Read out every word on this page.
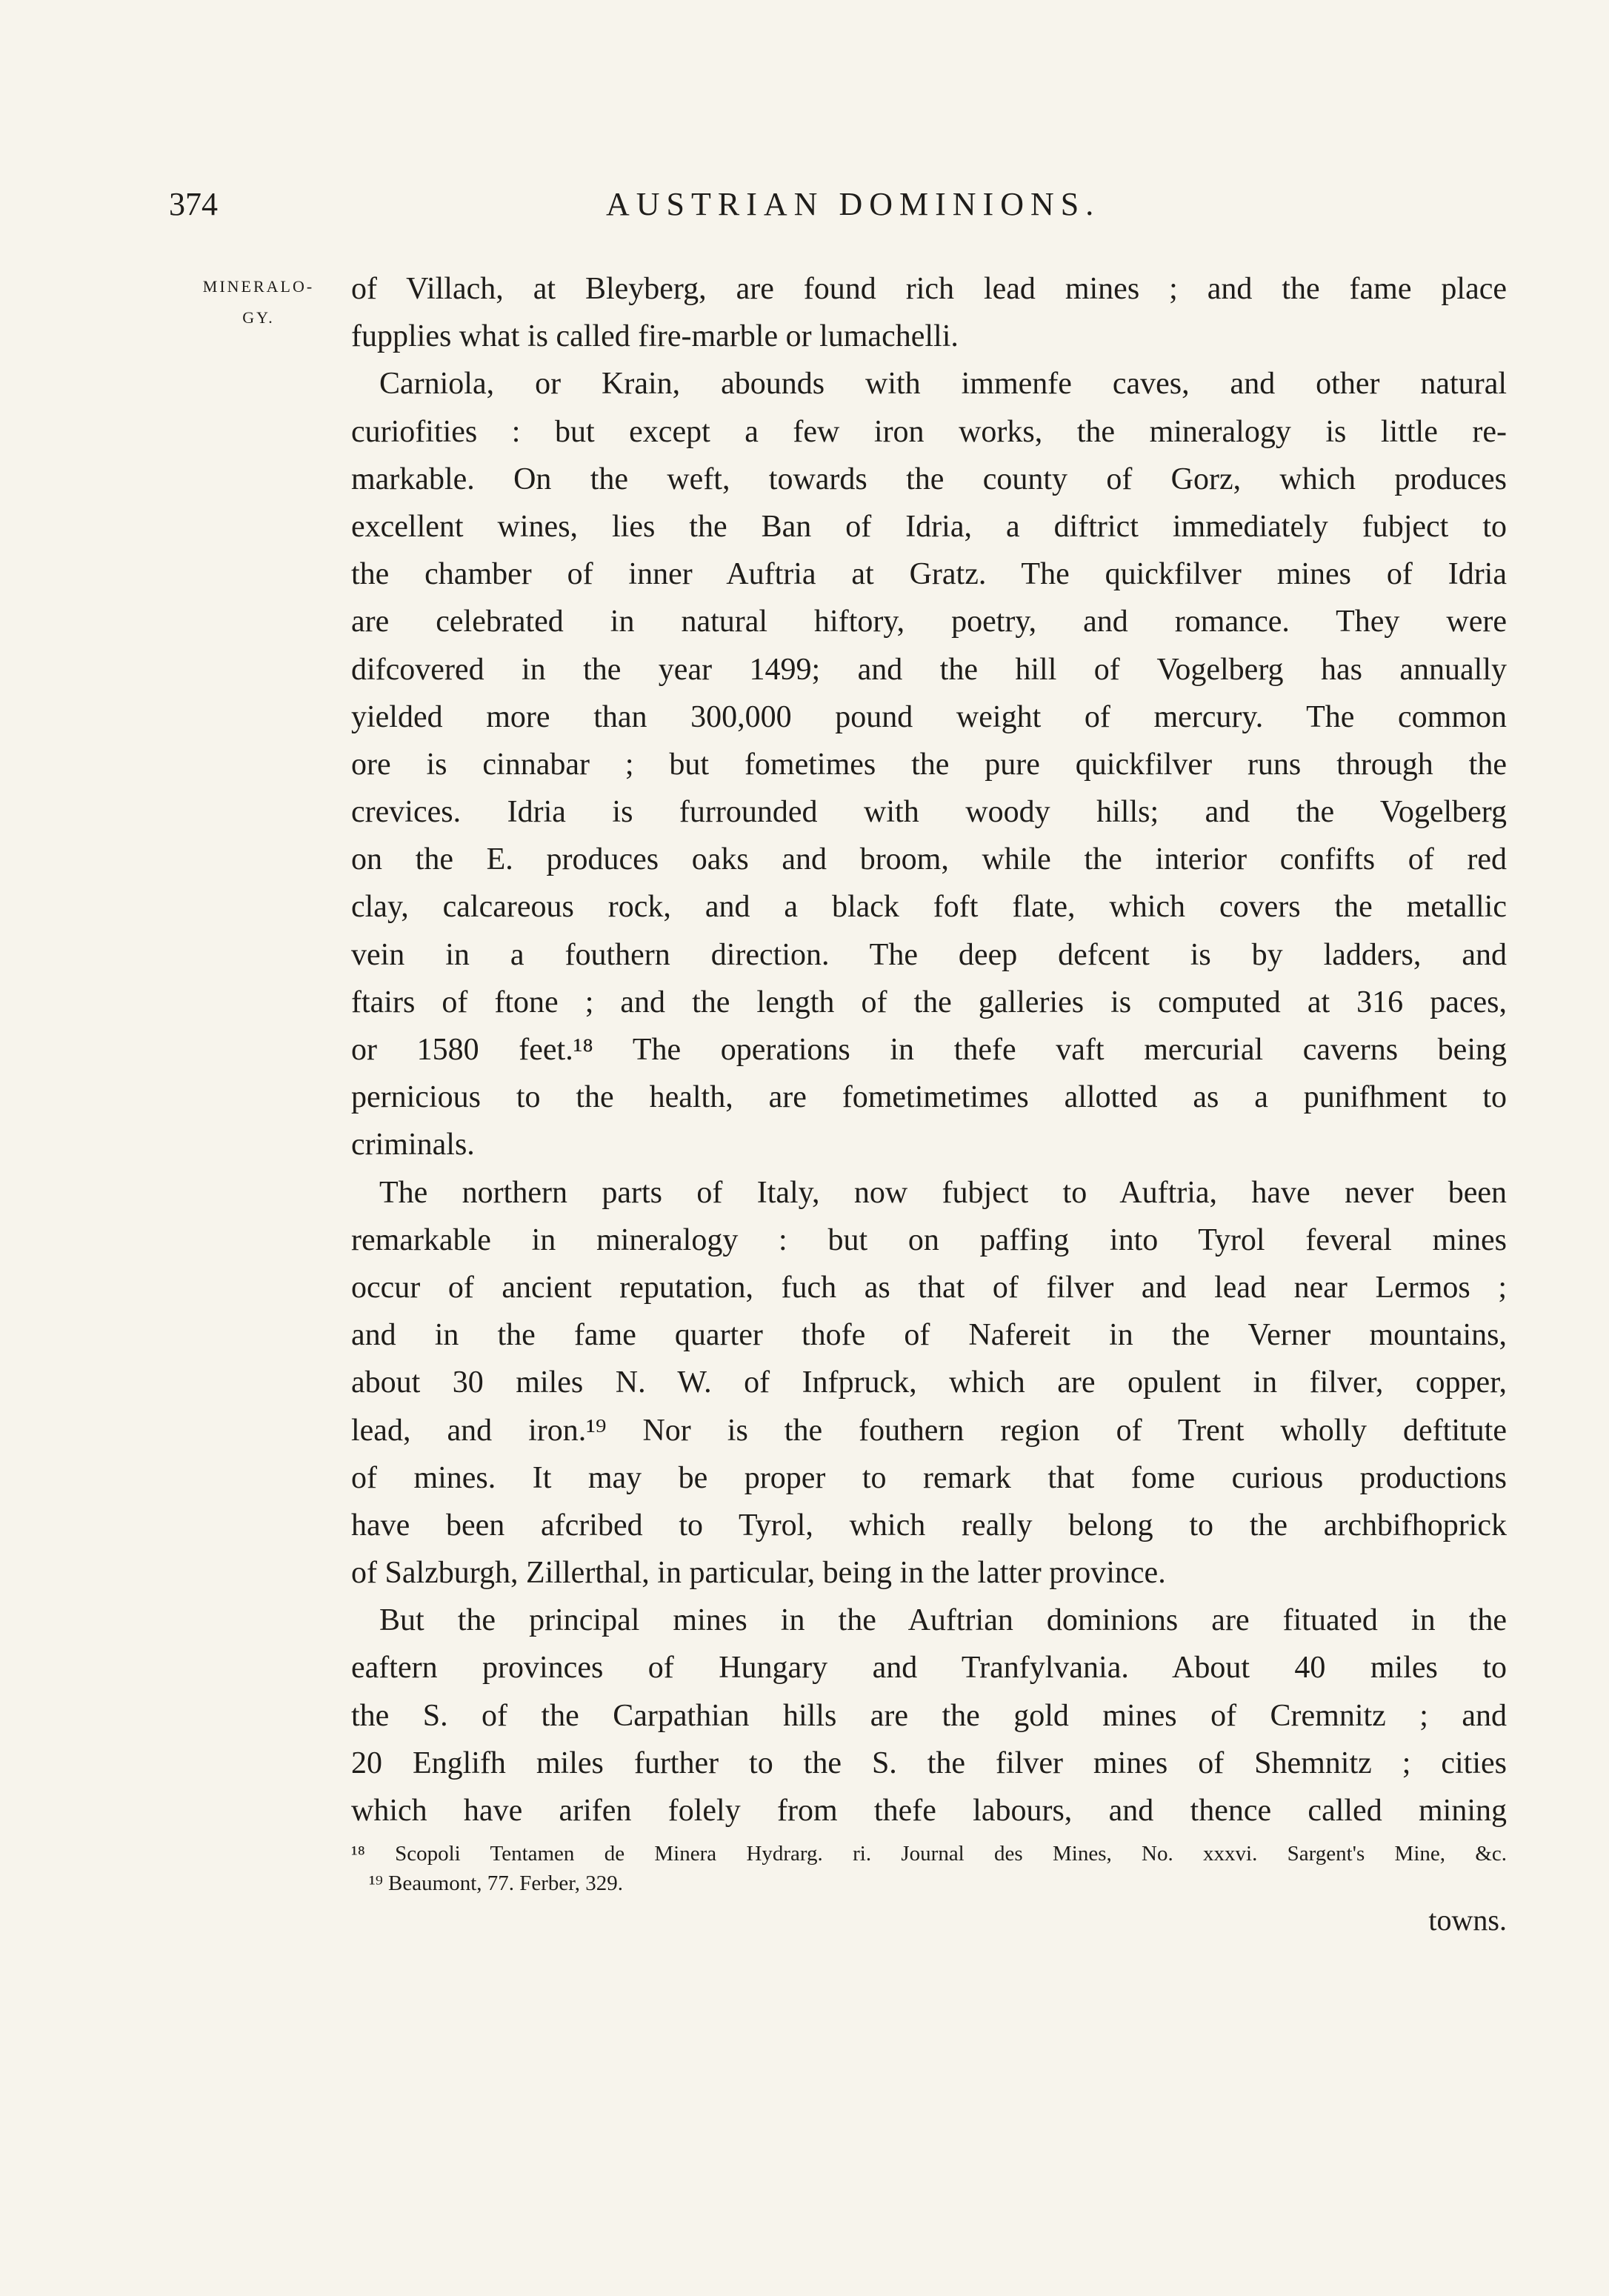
374	AUSTRIAN DOMINIONS.
MINERALO-
GY.
of Villach, at Bleyberg, are found rich lead mines ; and the fame place
fupplies what is called fire-marble or lumachelli.
Carniola, or Krain, abounds with immenfe caves, and other natural
curiofities : but except a few iron works, the mineralogy is little re-
markable. On the weft, towards the county of Gorz, which produces
excellent wines, lies the Ban of Idria, a diftrict immediately fubject to
the chamber of inner Auftria at Gratz. The quickfilver mines of Idria
are celebrated in natural hiftory, poetry, and romance. They were
difcovered in the year 1499; and the hill of Vogelberg has annually
yielded more than 300,000 pound weight of mercury. The common
ore is cinnabar ; but fometimes the pure quickfilver runs through the
crevices. Idria is furrounded with woody hills; and the Vogelberg
on the E. produces oaks and broom, while the interior confifts of red
clay, calcareous rock, and a black foft flate, which covers the metallic
vein in a fouthern direction. The deep defcent is by ladders, and
ftairs of ftone ; and the length of the galleries is computed at 316 paces,
or 1580 feet.¹⁸ The operations in thefe vaft mercurial caverns being
pernicious to the health, are fometimetimes allotted as a punifhment to
criminals.
The northern parts of Italy, now fubject to Auftria, have never been
remarkable in mineralogy : but on paffing into Tyrol feveral mines
occur of ancient reputation, fuch as that of filver and lead near Lermos ;
and in the fame quarter thofe of Nafereit in the Verner mountains,
about 30 miles N. W. of Infpruck, which are opulent in filver, copper,
lead, and iron.¹⁹ Nor is the fouthern region of Trent wholly deftitute
of mines. It may be proper to remark that fome curious productions
have been afcribed to Tyrol, which really belong to the archbifhoprick
of Salzburgh, Zillerthal, in particular, being in the latter province.
But the principal mines in the Auftrian dominions are fituated in the
eaftern provinces of Hungary and Tranfylvania. About 40 miles to
the S. of the Carpathian hills are the gold mines of Cremnitz ; and
20 Englifh miles further to the S. the filver mines of Shemnitz ; cities
which have arifen folely from thefe labours, and thence called mining
¹⁸ Scopoli Tentamen de Minera Hydrarg. ri. Journal des Mines, No. xxxvi. Sargent's Mine, &c.
¹⁹ Beaumont, 77. Ferber, 329.
towns.
